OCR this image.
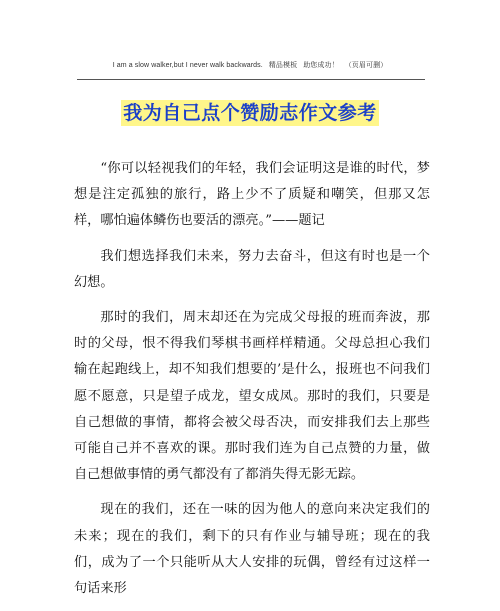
I am a slow walker,but I never walk backwards. 精品模板 助您成功！ （页眉可删）
我为自己点个赞励志作文参考

“你可以轻视我们的年轻，我们会证明这是谁的时代，梦想是注定孤独的旅行，路上少不了质疑和嘲笑，但那又怎样，哪怕遍体鳞伤也要活的漂亮。”——题记

我们想选择我们未来，努力去奋斗，但这有时也是一个幻想。

那时的我们，周末却还在为完成父母报的班而奔波，那时的父母，恨不得我们琴棋书画样样精通。父母总担心我们输在起跑线上，却不知我们想要的’是什么，报班也不问我们愿不愿意，只是望子成龙，望女成凤。那时的我们，只要是自己想做的事情，都将会被父母否决，而安排我们去上那些可能自己并不喜欢的课。那时我们连为自己点赞的力量，做自己想做事情的勇气都没有了都消失得无影无踪。

现在的我们，还在一味的因为他人的意向来决定我们的未来；现在的我们，剩下的只有作业与辅导班；现在的我们，成为了一个只能听从大人安排的玩偶，曾经有过这样一句话来形
